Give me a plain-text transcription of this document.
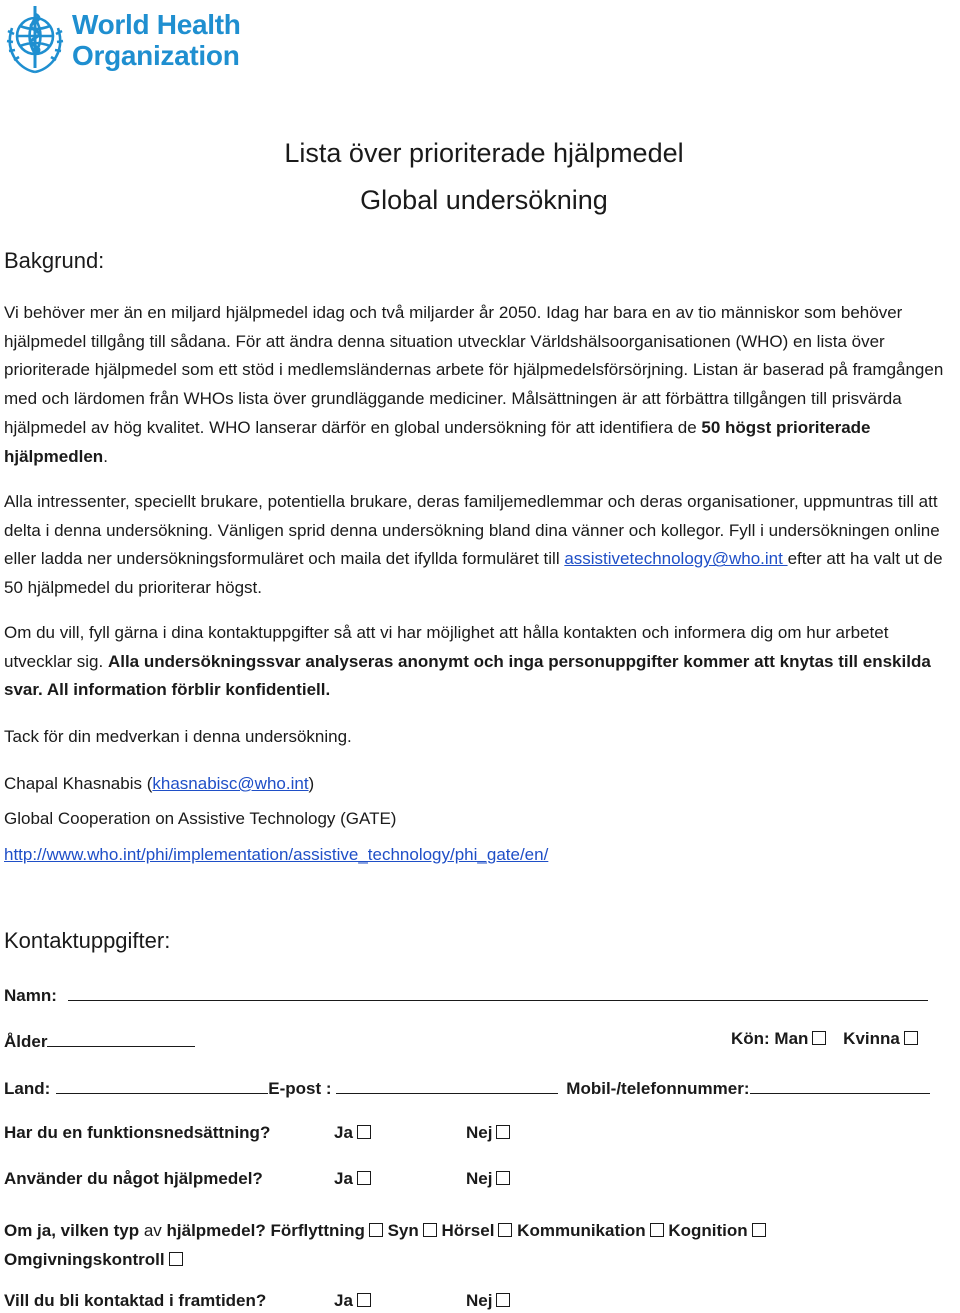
World Health
Organization
Lista över prioriterade hjälpmedel
Global undersökning
Bakgrund:
Vi behöver mer än en miljard hjälpmedel idag och två miljarder år 2050. Idag har bara en av tio människor som behöver hjälpmedel tillgång till sådana. För att ändra denna situation utvecklar Världshälsoorganisationen (WHO) en lista över prioriterade hjälpmedel som ett stöd i medlemsländernas arbete för hjälpmedelsförsörjning. Listan är baserad på framgången med och lärdomen från WHOs lista över grundläggande mediciner. Målsättningen är att förbättra tillgången till prisvärda hjälpmedel av hög kvalitet. WHO lanserar därför en global undersökning för att identifiera de 50 högst prioriterade hjälpmedlen.
Alla intressenter, speciellt brukare, potentiella brukare, deras familjemedlemmar och deras organisationer, uppmuntras till att delta i denna undersökning. Vänligen sprid denna undersökning bland dina vänner och kollegor. Fyll i undersökningen online eller ladda ner undersökningsformuläret och maila det ifyllda formuläret till assistivetechnology@who.int efter att ha valt ut de 50 hjälpmedel du prioriterar högst.
Om du vill, fyll gärna i dina kontaktuppgifter så att vi har möjlighet att hålla kontakten och informera dig om hur arbetet utvecklar sig. Alla undersökningssvar analyseras anonymt och inga personuppgifter kommer att knytas till enskilda svar. All information förblir konfidentiell.
Tack för din medverkan i denna undersökning.
Chapal Khasnabis (khasnabisc@who.int)
Global Cooperation on Assistive Technology (GATE)
http://www.who.int/phi/implementation/assistive_technology/phi_gate/en/
Kontaktuppgifter:
Namn:
Ålder	Kön: Man Kvinna
Land:	E-post :	Mobil-/telefonnummer:
Har du en funktionsnedsättning?	Ja	Nej
Använder du något hjälpmedel?	Ja	Nej
Om ja, vilken typ av hjälpmedel? Förflyttning Syn Hörsel Kommunikation Kognition
Omgivningskontroll
Vill du bli kontaktad i framtiden?	Ja	Nej
